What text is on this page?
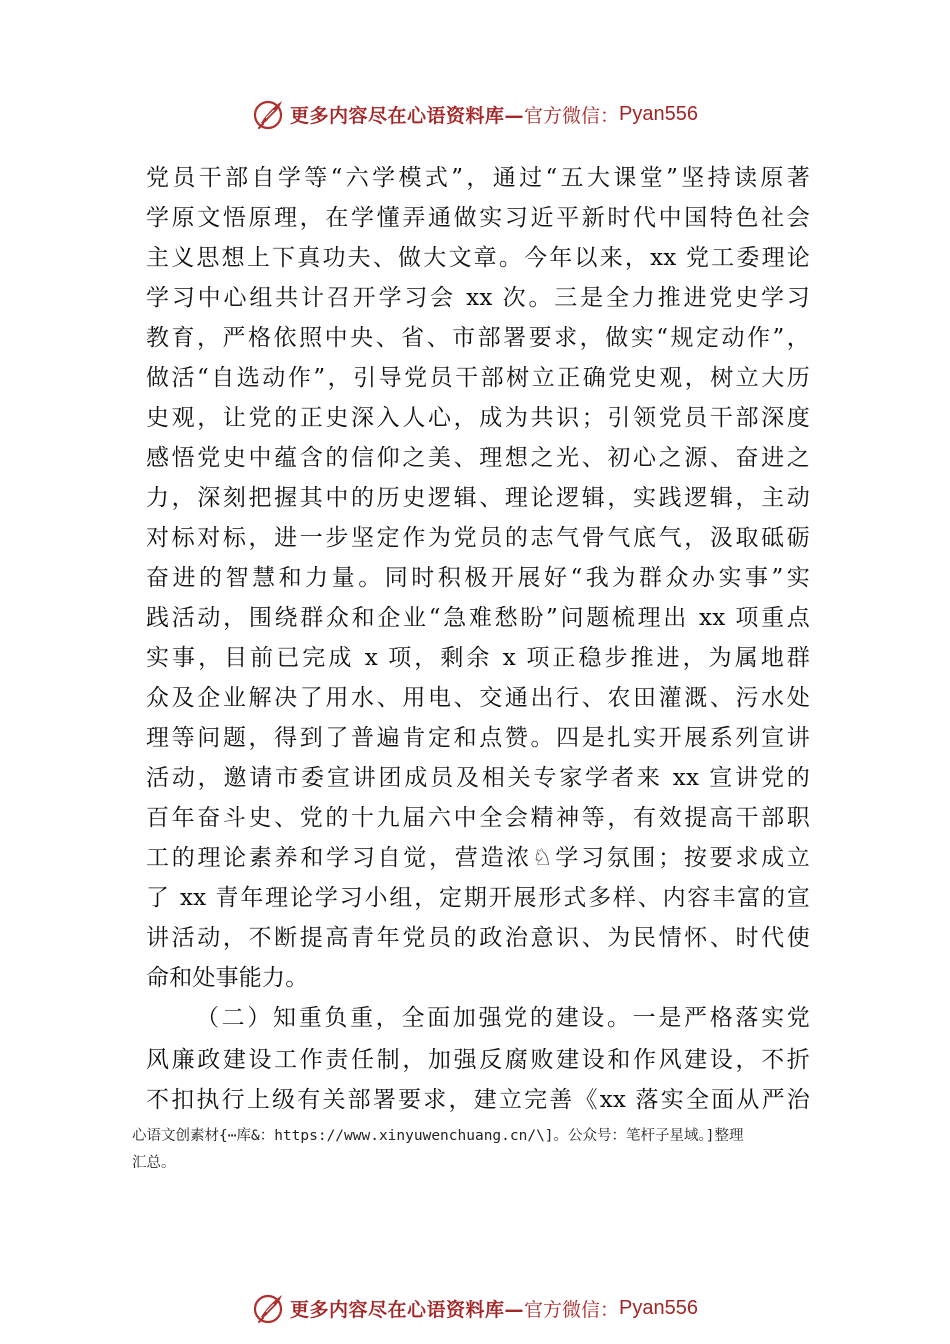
更多内容尽在心语资料库— 官方微信： Pyan556
党员干部自学等“六学模式”，通过“五大课堂”坚持读原著
学原文悟原理，在学懂弄通做实习近平新时代中国特色社会
主义思想上下真功夫、做大文章。今年以来，xx 党工委理论
学习中心组共计召开学习会 xx 次。三是全力推进党史学习
教育，严格依照中央、省、市部署要求，做实“规定动作”，
做活“自选动作”，引导党员干部树立正确党史观，树立大历
史观，让党的正史深入人心，成为共识；引领党员干部深度
感悟党史中蕴含的信仰之美、理想之光、初心之源、奋进之
力，深刻把握其中的历史逻辑、理论逻辑，实践逻辑，主动
对标对标，进一步坚定作为党员的志气骨气底气，汲取砥砺
奋进的智慧和力量。同时积极开展好“我为群众办实事”实
践活动，围绕群众和企业“急难愁盼”问题梳理出 xx 项重点
实事，目前已完成 x 项，剩余 x 项正稳步推进，为属地群
众及企业解决了用水、用电、交通出行、农田灌溉、污水处
理等问题，得到了普遍肯定和点赞。四是扎实开展系列宣讲
活动，邀请市委宣讲团成员及相关专家学者来 xx 宣讲党的
百年奋斗史、党的十九届六中全会精神等，有效提高干部职
工的理论素养和学习自觉，营造浓♘学习氛围；按要求成立
了 xx 青年理论学习小组，定期开展形式多样、内容丰富的宣
讲活动，不断提高青年党员的政治意识、为民情怀、时代使
命和处事能力。
（二）知重负重，全面加强党的建设。一是严格落实党
风廉政建设工作责任制，加强反腐败建设和作风建设，不折
不扣执行上级有关部署要求，建立完善《xx 落实全面从严治
心语文创素材{⋯库&：https://www.xinyuwenchuang.cn/\]。公众号：笔杆子星域。]整理
汇总。
更多内容尽在心语资料库— 官方微信： Pyan556
